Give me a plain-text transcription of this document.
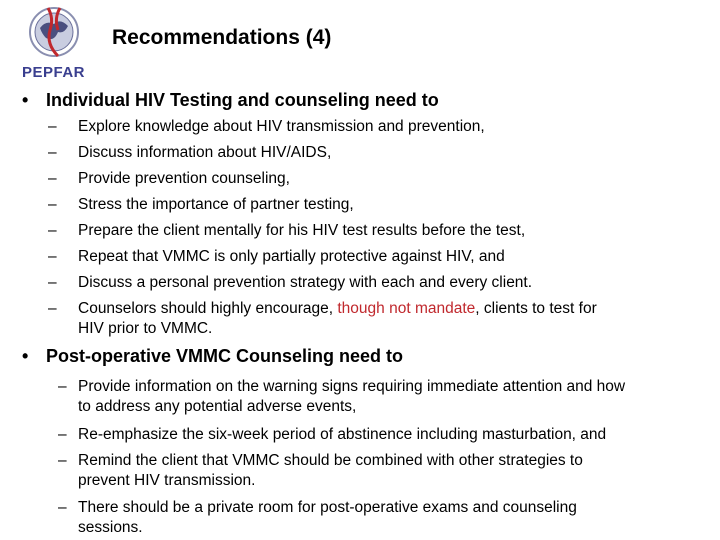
PEPFAR
Recommendations (4)
• Individual HIV Testing and counseling need to
– Explore knowledge about HIV transmission and prevention,
– Discuss information about HIV/AIDS,
– Provide prevention counseling,
– Stress the importance of partner testing,
– Prepare the client mentally for his HIV test results before the test,
– Repeat that VMMC is only partially protective against HIV, and
– Discuss a personal prevention strategy with each and every client.
– Counselors should highly encourage, though not mandate, clients to test for
HIV prior to VMMC.
• Post-operative VMMC Counseling need to
– Provide information on the warning signs requiring immediate attention and how
to address any potential adverse events,
– Re-emphasize the six-week period of abstinence including masturbation, and
– Remind the client that VMMC should be combined with other strategies to
prevent HIV transmission.
– There should be a private room for post-operative exams and counseling
sessions.
